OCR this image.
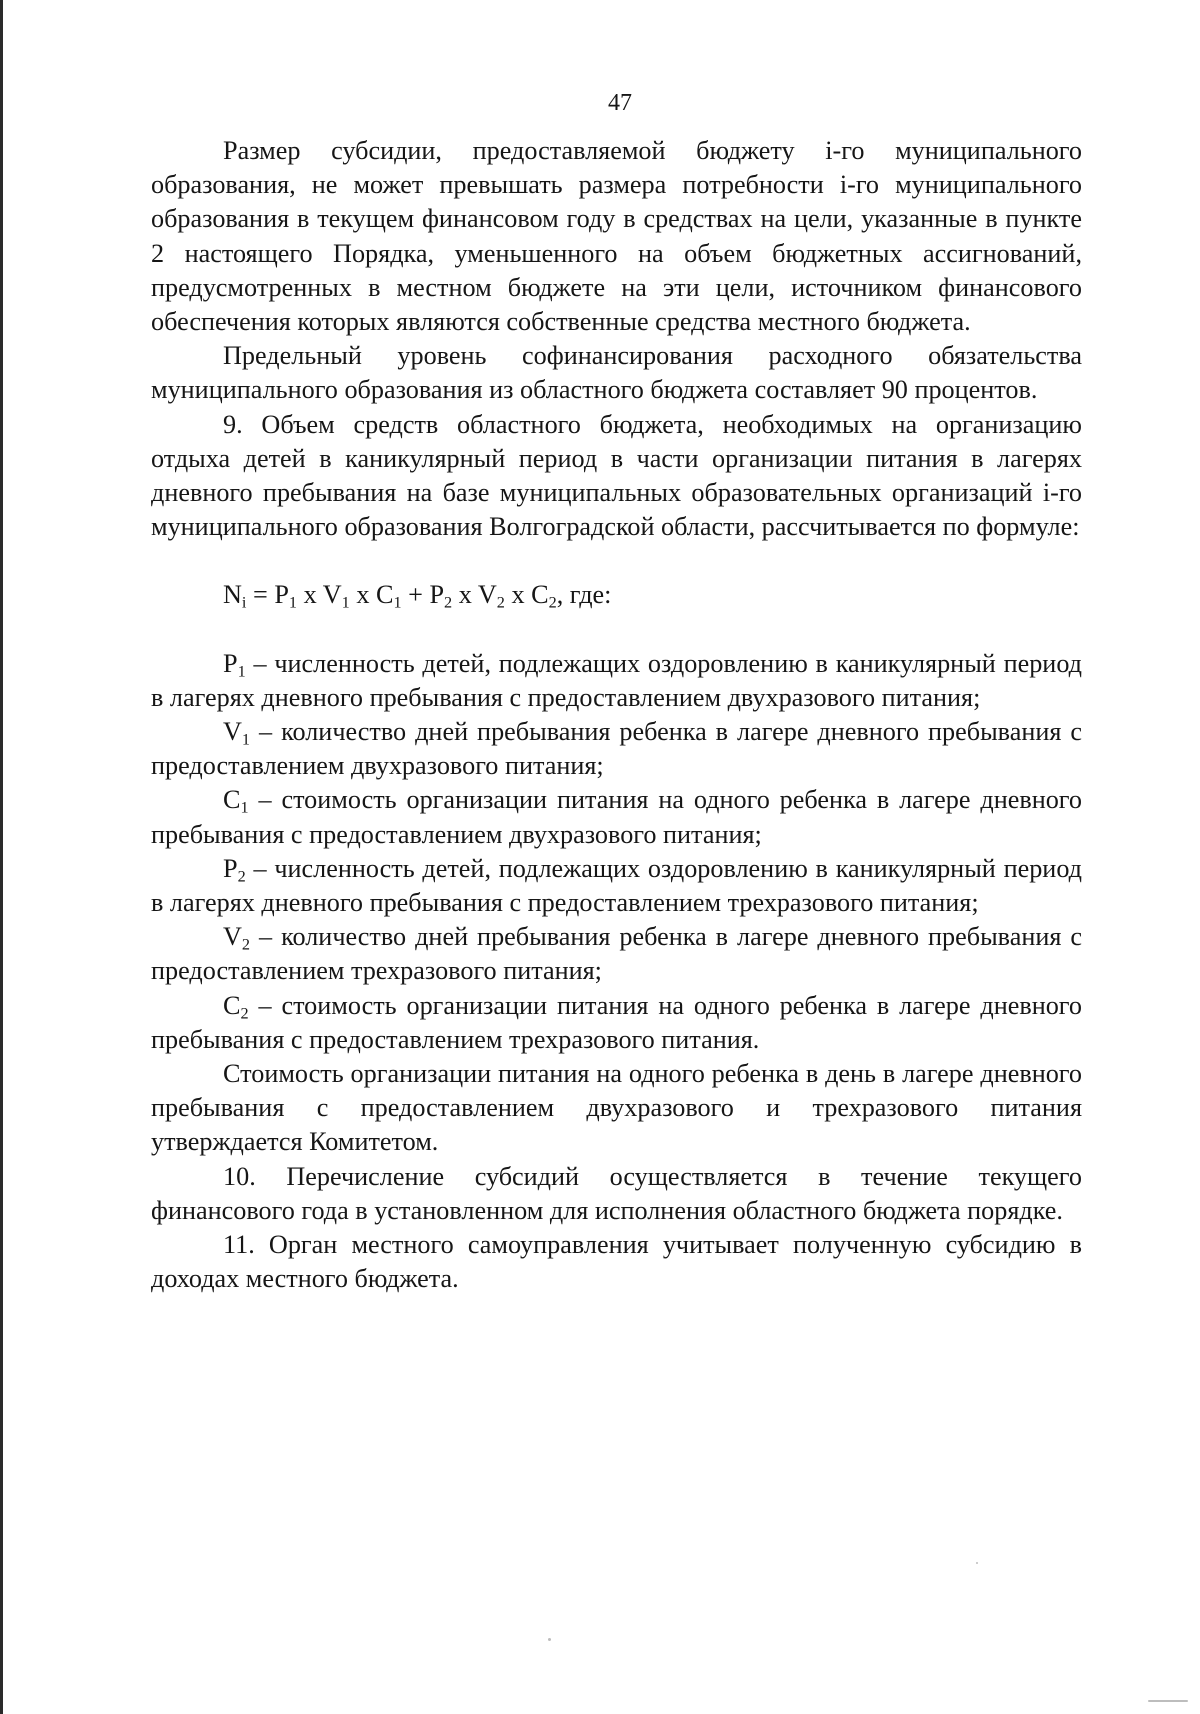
47

Размер субсидии, предоставляемой бюджету i-го муниципального образования, не может превышать размера потребности i-го муниципального образования в текущем финансовом году в средствах на цели, указанные в пункте 2 настоящего Порядка, уменьшенного на объем бюджетных ассигнований, предусмотренных в местном бюджете на эти цели, источником финансового обеспечения которых являются собственные средства местного бюджета.

Предельный уровень софинансирования расходного обязательства муниципального образования из областного бюджета составляет 90 процентов.

9. Объем средств областного бюджета, необходимых на организацию отдыха детей в каникулярный период в части организации питания в лагерях дневного пребывания на базе муниципальных образовательных организаций i-го муниципального образования Волгоградской области, рассчитывается по формуле:

$N_i = P_1$ x $V_1$ x $C_1 + P_2$ x $V_2$ x $C_2$, где:

$P_1$ – численность детей, подлежащих оздоровлению в каникулярный период в лагерях дневного пребывания с предоставлением двухразового питания;

$V_1$ – количество дней пребывания ребенка в лагере дневного пребывания с предоставлением двухразового питания;

$C_1$ – стоимость организации питания на одного ребенка в лагере дневного пребывания с предоставлением двухразового питания;

$P_2$ – численность детей, подлежащих оздоровлению в каникулярный период в лагерях дневного пребывания с предоставлением трехразового питания;

$V_2$ – количество дней пребывания ребенка в лагере дневного пребывания с предоставлением трехразового питания;

$C_2$ – стоимость организации питания на одного ребенка в лагере дневного пребывания с предоставлением трехразового питания.

Стоимость организации питания на одного ребенка в день в лагере дневного пребывания с предоставлением двухразового и трехразового питания утверждается Комитетом.

10. Перечисление субсидий осуществляется в течение текущего финансового года в установленном для исполнения областного бюджета порядке.

11. Орган местного самоуправления учитывает полученную субсидию в доходах местного бюджета.
